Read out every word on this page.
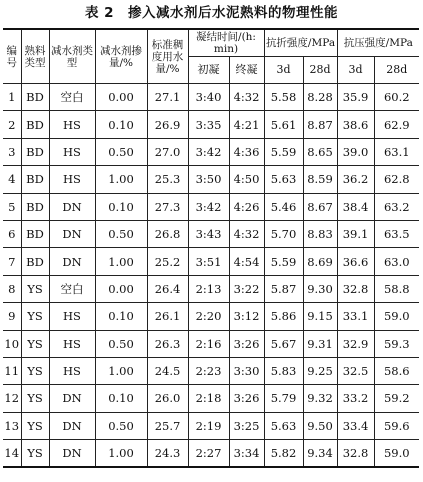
表 2 掺入减水剂后水泥熟料的物理性能
编号	熟料类型	减水剂类型	减水剂掺量/%	标准稠度用水量/%	凝结时间/(h: min)		抗折强度/MPa		抗压强度/MPa	
					初凝	终凝	3d	28d	3d	28d
1	BD	空白	0.00	27.1	3:40	4:32	5.58	8.28	35.9	60.2
2	BD	HS	0.10	26.9	3:35	4:21	5.61	8.87	38.6	62.9
3	BD	HS	0.50	27.0	3:42	4:36	5.59	8.65	39.0	63.1
4	BD	HS	1.00	25.3	3:50	4:50	5.63	8.59	36.2	62.8
5	BD	DN	0.10	27.3	3:42	4:26	5.46	8.67	38.4	63.2
6	BD	DN	0.50	26.8	3:43	4:32	5.70	8.83	39.1	63.5
7	BD	DN	1.00	25.2	3:51	4:54	5.59	8.69	36.6	63.0
8	YS	空白	0.00	26.4	2:13	3:22	5.87	9.30	32.8	58.8
9	YS	HS	0.10	26.1	2:20	3:12	5.86	9.15	33.1	59.0
10	YS	HS	0.50	26.3	2:16	3:26	5.67	9.31	32.9	59.3
11	YS	HS	1.00	24.5	2:23	3:30	5.83	9.25	32.5	58.6
12	YS	DN	0.10	26.0	2:18	3:26	5.79	9.32	33.2	59.2
13	YS	DN	0.50	25.7	2:19	3:25	5.63	9.50	33.4	59.6
14	YS	DN	1.00	24.3	2:27	3:34	5.82	9.34	32.8	59.0
